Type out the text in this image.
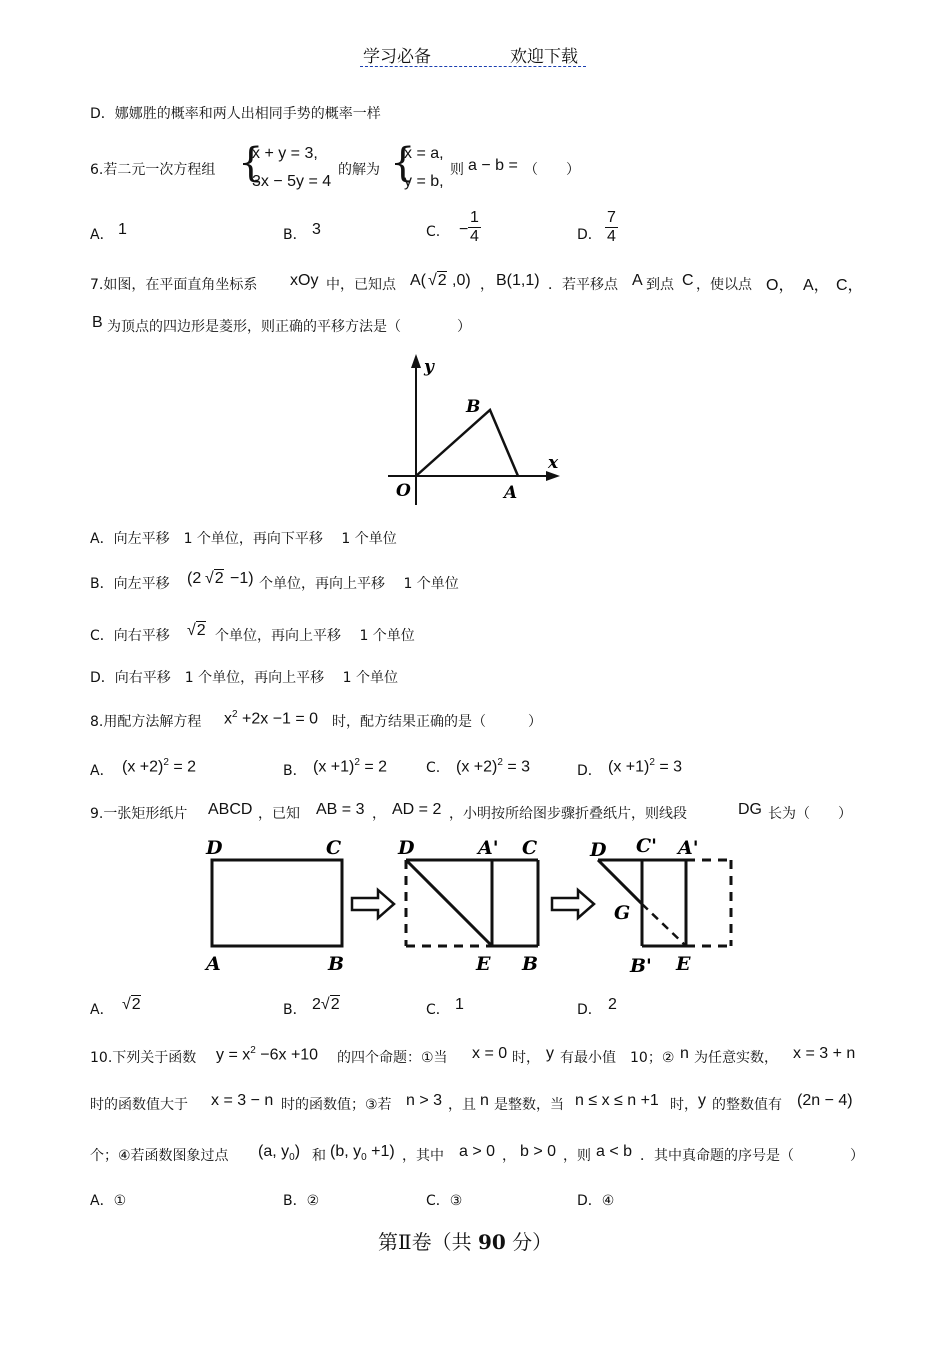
学习必备	欢迎下载
D．娜娜胜的概率和两人出相同手势的概率一样
6.若二元一次方程组 {
x + y = 3,
3x − 5y = 4
的解为 {
x = a,
y = b,
则 a − b = （　　）
A． 1	B． 3	C. − $\frac{1}{4}$	D． $\frac{7}{4}$
7.如图，在平面直角坐标系 xOy 中，已知点 A( √2 ,0) ， B(1,1) ．若平移点 A 到点 C ，使以点 O， A， C，
B 为顶点的四边形是菱形，则正确的平移方法是（　　　　）
y
x
O	A
B
A．向左平移　1 个单位，再向下平移　 1 个单位
B．向左平移 (2 √2 −1) 个单位，再向上平移　 1 个单位
C．向右平移 √2 个单位，再向上平移　 1 个单位
D．向右平移　1 个单位，再向上平移　 1 个单位
8.用配方法解方程 $x^2 +2x -1 = 0$ 时，配方结果正确的是（　　　）
A． $(x +2)^2 = 2$	B． $(x +1)^2 = 2$	C. $(x +2)^2 = 3$	D． $(x +1)^2 = 3$
9.一张矩形纸片 ABCD ，已知 AB = 3 ， AD = 2 ，小明按所给图步骤折叠纸片，则线段	DG 长为（　　）
D	C
A	B
D	A' C
E B
D C' A'
G
B' E
A． √2	B． 2√2	C． 1	D． 2
10.下列关于函数 $y = x^2 -6x +10$ 的四个命题：①当 x = 0 时， y 有最小值　10；② n 为任意实数， x = 3 + n
时的函数值大于 x = 3 − n 时的函数值；③若 n > 3 ，且 n 是整数，当 n ≤ x ≤ n +1 时， y 的整数值有 (2n − 4)
个；④若函数图象过点 (a, $y_0$) 和 (b, $y_0 +1$) ，其中 a > 0 ， b > 0 ，则 a < b ．其中真命题的序号是（　　　　）
A．①	B．②	C．③	D．④
第Ⅱ卷（共 90 分）
